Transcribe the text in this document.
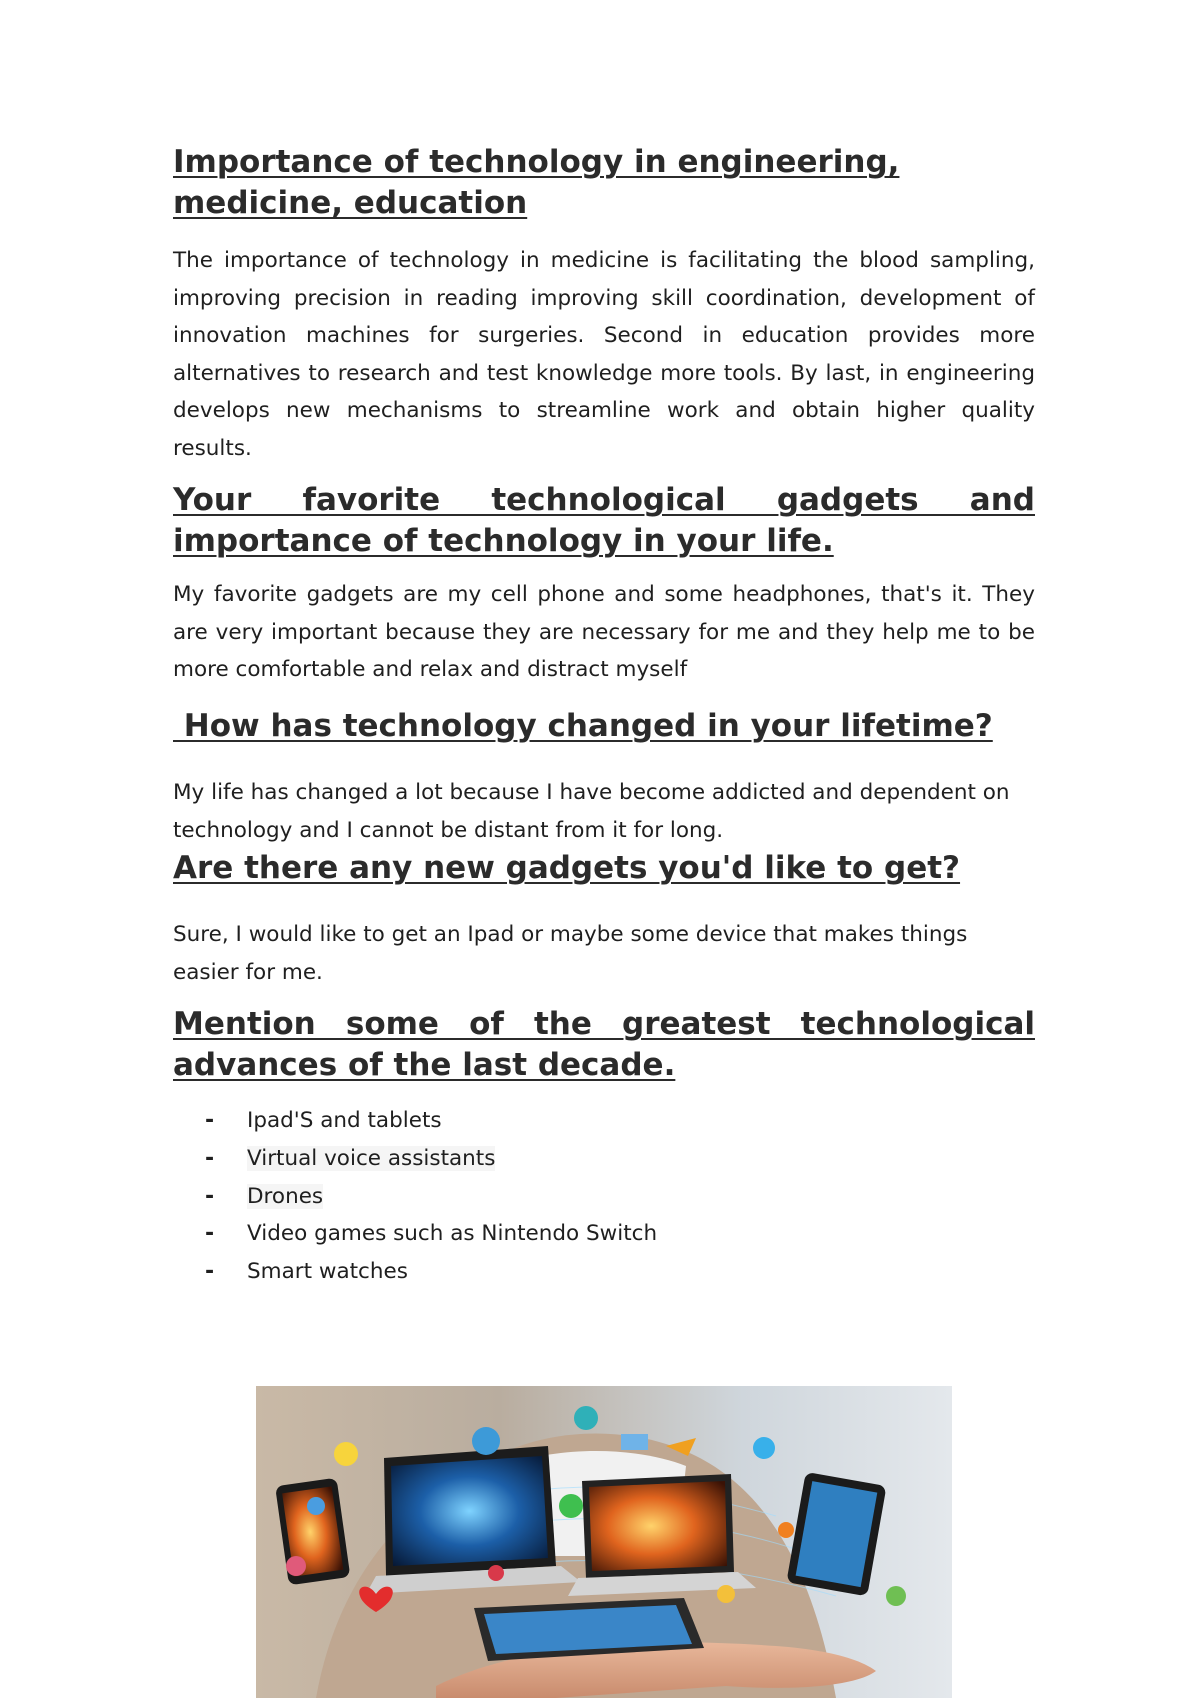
Importance of technology in engineering,
medicine, education

The importance of technology in medicine is facilitating the blood sampling, improving precision in reading improving skill coordination, development of innovation machines for surgeries. Second in education provides more alternatives to research and test knowledge more tools. By last, in engineering develops new mechanisms to streamline work and obtain higher quality results.

Your favorite technological gadgets and
importance of technology in your life.

My favorite gadgets are my cell phone and some headphones, that's it. They are very important because they are necessary for me and they help me to be more comfortable and relax and distract myself

How has technology changed in your lifetime?

My life has changed a lot because I have become addicted and dependent on technology and I cannot be distant from it for long.

Are there any new gadgets you'd like to get?

Sure, I would like to get an Ipad or maybe some device that makes things easier for me.

Mention some of the greatest technological
advances of the last decade.
- Ipad'S and tablets
- Virtual voice assistants
- Drones
- Video games such as Nintendo Switch
- Smart watches
